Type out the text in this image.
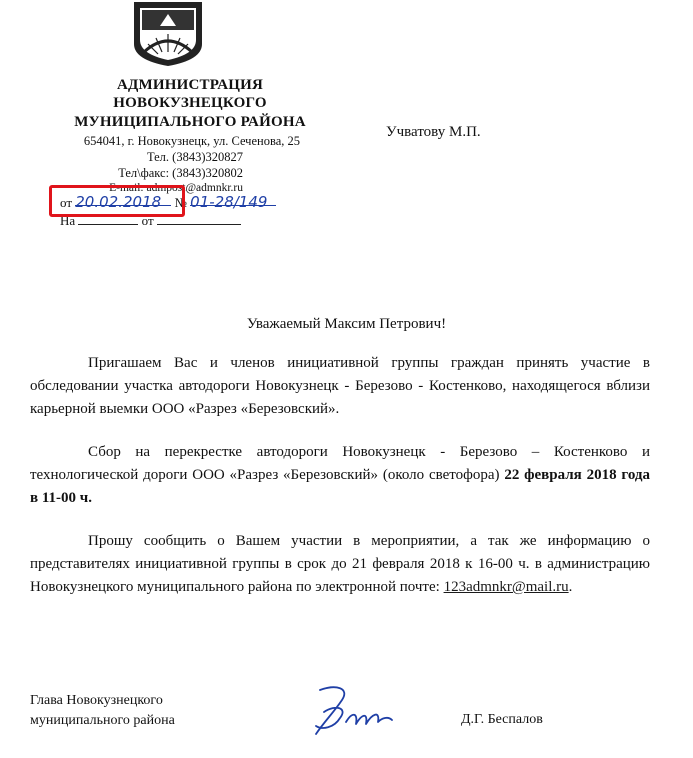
АДМИНИСТРАЦИЯ
НОВОКУЗНЕЦКОГО
МУНИЦИПАЛЬНОГО РАЙОНА
654041, г. Новокузнецк, ул. Сеченова, 25
Тел. (3843)320827
Тел\факс: (3843)320802
E-mail: admpost@admnkr.ru
от 20.02.2018 № 01-28/149
На	от
Учватову М.П.
Уважаемый Максим Петрович!
Пригашаем Вас и членов инициативной группы граждан принять участие в обследовании участка автодороги Новокузнецк - Березово - Костенково, находящегося вблизи карьерной выемки ООО «Разрез «Березовский».
Сбор на перекрестке автодороги Новокузнецк - Березово – Костенково и технологической дороги ООО «Разрез «Березовский» (около светофора) 22 февраля 2018 года в 11-00 ч.
Прошу сообщить о Вашем участии в мероприятии, а так же информацию о представителях инициативной группы в срок до 21 февраля 2018 к 16-00 ч. в администрацию Новокузнецкого муниципального района по электронной почте: 123admnkr@mail.ru.
Глава Новокузнецкого
муниципального района	Д.Г. Беспалов
